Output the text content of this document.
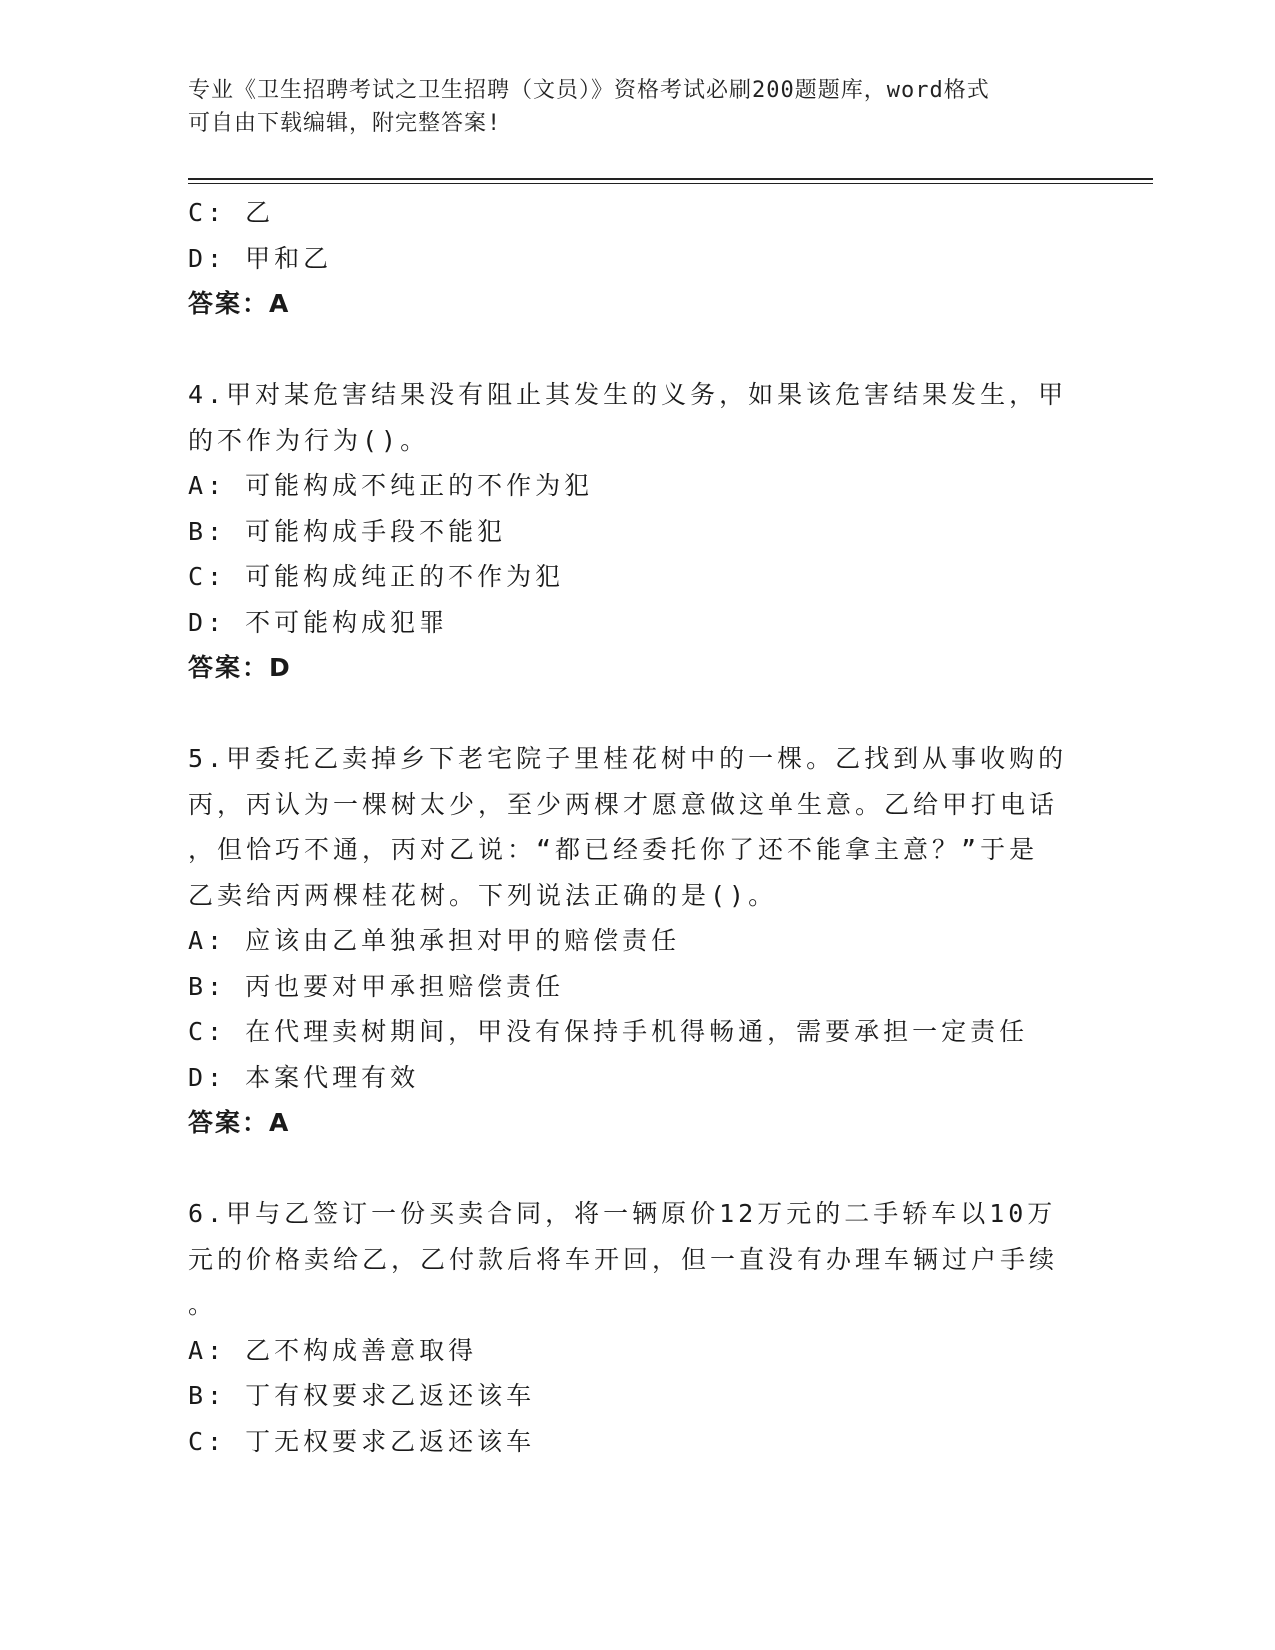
专业《卫生招聘考试之卫生招聘（文员）》资格考试必刷200题题库，word格式
可自由下载编辑，附完整答案!
C: 乙
D: 甲和乙
答案：A
4.甲对某危害结果没有阻止其发生的义务，如果该危害结果发生，甲
的不作为行为()。
A: 可能构成不纯正的不作为犯
B: 可能构成手段不能犯
C: 可能构成纯正的不作为犯
D: 不可能构成犯罪
答案：D
5.甲委托乙卖掉乡下老宅院子里桂花树中的一棵。乙找到从事收购的
丙，丙认为一棵树太少，至少两棵才愿意做这单生意。乙给甲打电话
，但恰巧不通，丙对乙说：“都已经委托你了还不能拿主意？”于是
乙卖给丙两棵桂花树。下列说法正确的是()。
A: 应该由乙单独承担对甲的赔偿责任
B: 丙也要对甲承担赔偿责任
C: 在代理卖树期间，甲没有保持手机得畅通，需要承担一定责任
D: 本案代理有效
答案：A
6.甲与乙签订一份买卖合同，将一辆原价12万元的二手轿车以10万
元的价格卖给乙，乙付款后将车开回，但一直没有办理车辆过户手续
。
A: 乙不构成善意取得
B: 丁有权要求乙返还该车
C: 丁无权要求乙返还该车
